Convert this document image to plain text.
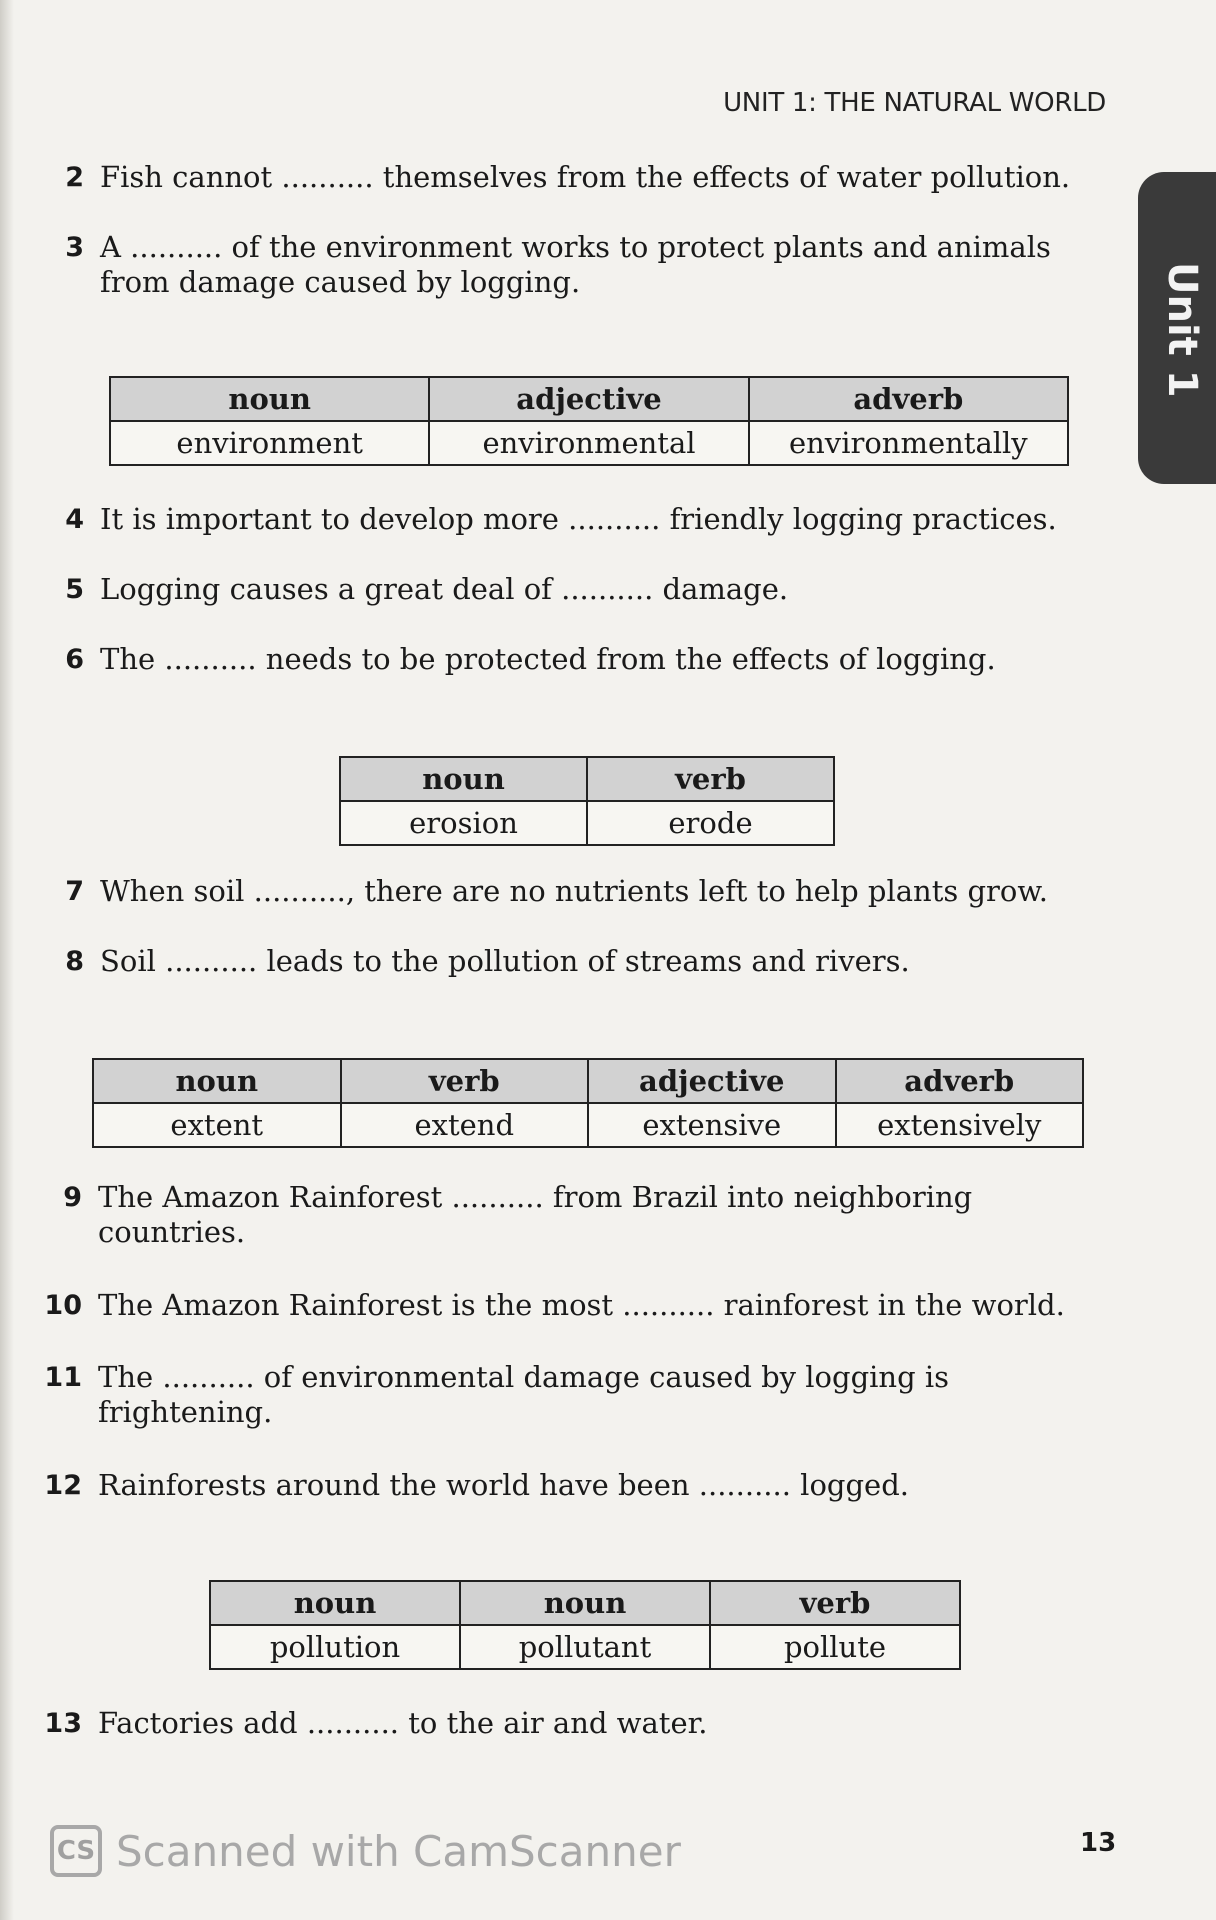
UNIT 1: THE NATURAL WORLD
Unit 1
2 Fish cannot .......... themselves from the effects of water pollution.
3 A .......... of the environment works to protect plants and animals from damage caused by logging.
noun	adjective	adverb
environment	environmental	environmentally
4 It is important to develop more .......... friendly logging practices.
5 Logging causes a great deal of .......... damage.
6 The .......... needs to be protected from the effects of logging.
noun	verb
erosion	erode
7 When soil .........., there are no nutrients left to help plants grow.
8 Soil .......... leads to the pollution of streams and rivers.
noun	verb	adjective	adverb
extent	extend	extensive	extensively
9 The Amazon Rainforest .......... from Brazil into neighboring countries.
10 The Amazon Rainforest is the most .......... rainforest in the world.
11 The .......... of environmental damage caused by logging is frightening.
12 Rainforests around the world have been .......... logged.
noun	noun	verb
pollution	pollutant	pollute
13 Factories add .......... to the air and water.
CS Scanned with CamScanner	13
